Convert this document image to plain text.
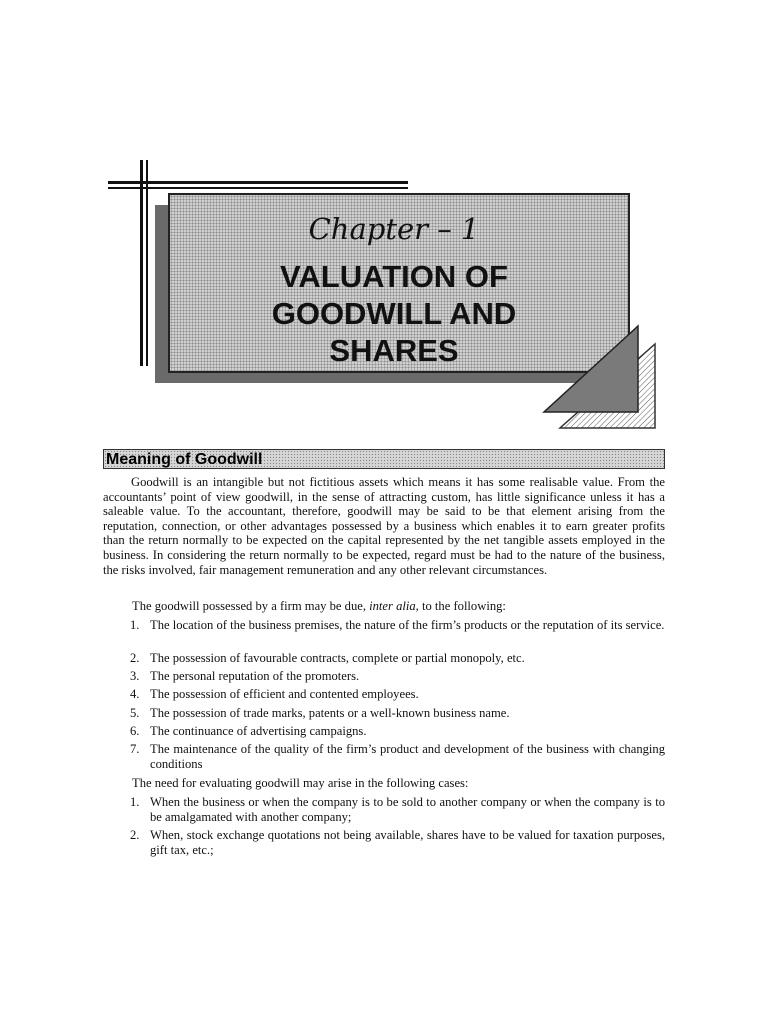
Chapter – 1
VALUATION OF
GOODWILL AND
SHARES
Meaning of Goodwill

Goodwill is an intangible but not fictitious assets which means it has some realisable value. From the accountants’ point of view goodwill, in the sense of attracting custom, has little significance unless it has a saleable value. To the accountant, therefore, goodwill may be said to be that element arising from the reputation, connection, or other advantages possessed by a business which enables it to earn greater profits than the return normally to be expected on the capital represented by the net tangible assets employed in the business. In considering the return normally to be expected, regard must be had to the nature of the business, the risks involved, fair management remuneration and any other relevant circumstances.

The goodwill possessed by a firm may be due, inter alia, to the following:

1. The location of the business premises, the nature of the firm’s products or the reputation of its service.
2. The possession of favourable contracts, complete or partial monopoly, etc.
3. The personal reputation of the promoters.
4. The possession of efficient and contented employees.
5. The possession of trade marks, patents or a well-known business name.
6. The continuance of advertising campaigns.
7. The maintenance of the quality of the firm’s product and development of the business with changing conditions

The need for evaluating goodwill may arise in the following cases:

1. When the business or when the company is to be sold to another company or when the company is to be amalgamated with another company;
2. When, stock exchange quotations not being available, shares have to be valued for taxation purposes, gift tax, etc.;
